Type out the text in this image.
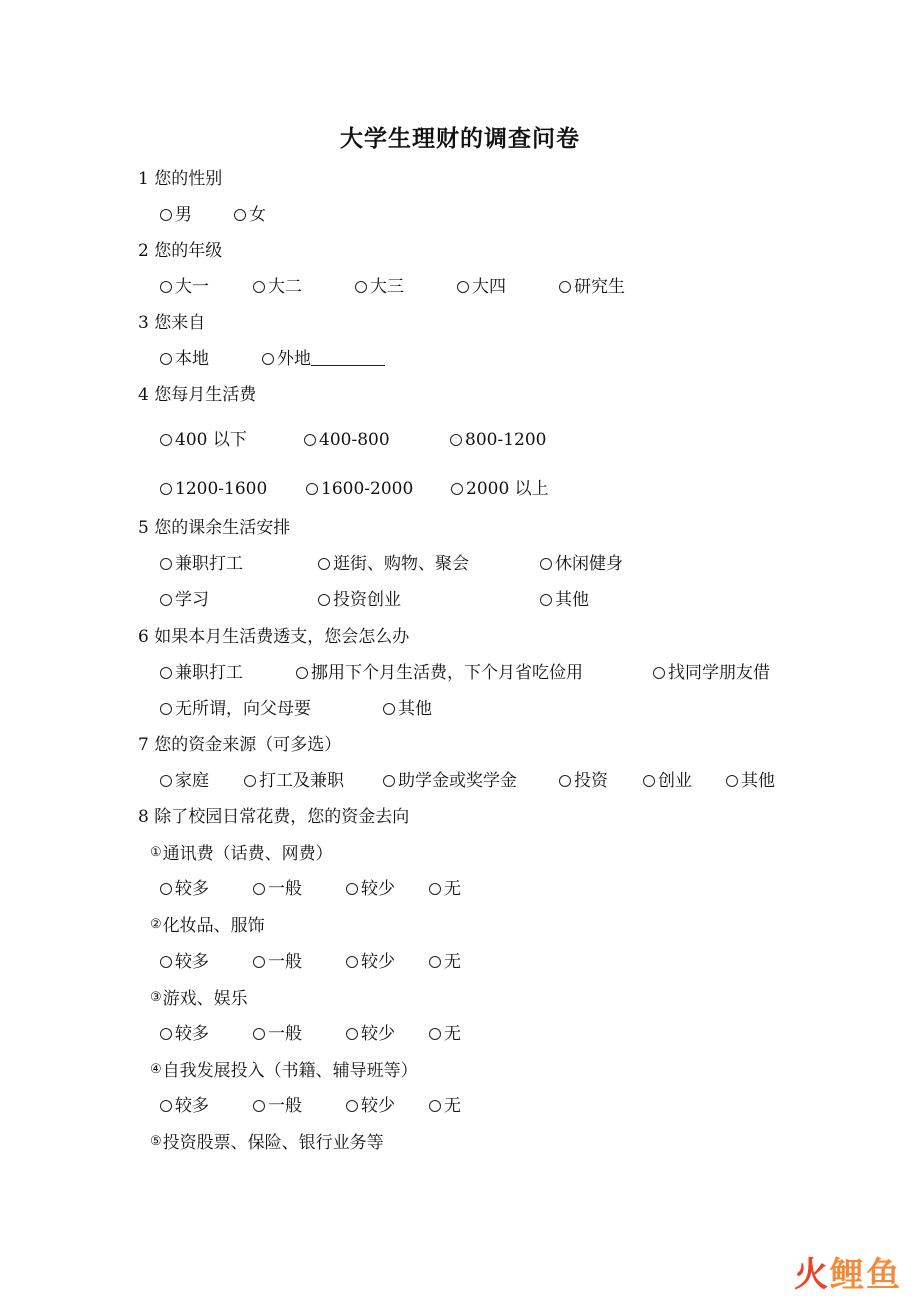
大学生理财的调查问卷
1 您的性别
男	女
2 您的年级
大一	大二	大三	大四	研究生
3 您来自
本地	外地
4 您每月生活费
400 以下	400-800	800-1200
1200-1600	1600-2000	2000 以上
5 您的课余生活安排
兼职打工	逛街、购物、聚会	休闲健身
学习	投资创业	其他
6 如果本月生活费透支，您会怎么办
兼职打工	挪用下个月生活费，下个月省吃俭用	找同学朋友借
无所谓，向父母要	其他
7 您的资金来源（可多选）
家庭	打工及兼职	助学金或奖学金	投资	创业	其他
8 除了校园日常花费，您的资金去向
①通讯费（话费、网费）
较多	一般	较少	无
②化妆品、服饰
较多	一般	较少	无
③游戏、娱乐
较多	一般	较少	无
④自我发展投入（书籍、辅导班等）
较多	一般	较少	无
⑤投资股票、保险、银行业务等
火鲤鱼
